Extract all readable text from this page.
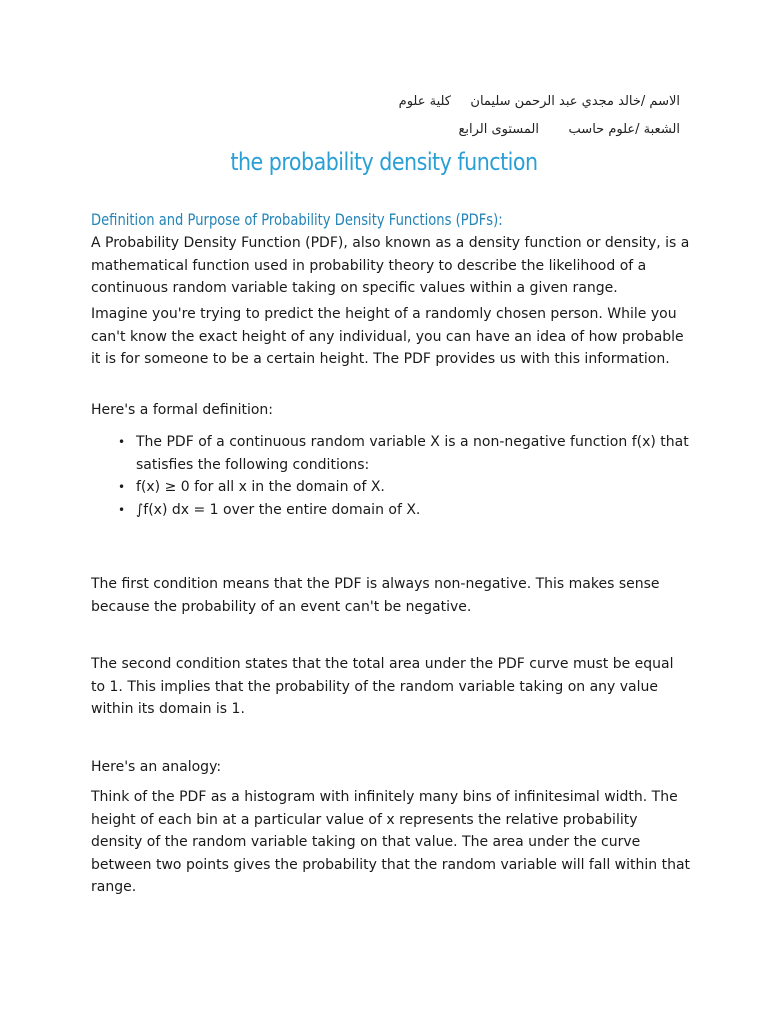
الاسم /خالد مجدي عبد الرحمن سليمان
كلية علوم
الشعبة /علوم حاسب
المستوى الرابع
the probability density function
Definition and Purpose of Probability Density Functions (PDFs):

A Probability Density Function (PDF), also known as a density function or density, is a mathematical function used in probability theory to describe the likelihood of a continuous random variable taking on specific values within a given range.

Imagine you're trying to predict the height of a randomly chosen person. While you can't know the exact height of any individual, you can have an idea of how probable it is for someone to be a certain height. The PDF provides us with this information.

Here's a formal definition:

• The PDF of a continuous random variable X is a non-negative function f(x) that satisfies the following conditions:
• f(x) ≥ 0 for all x in the domain of X.
• ∫f(x) dx = 1 over the entire domain of X.

The first condition means that the PDF is always non-negative. This makes sense because the probability of an event can't be negative.

The second condition states that the total area under the PDF curve must be equal to 1. This implies that the probability of the random variable taking on any value within its domain is 1.

Here's an analogy:

Think of the PDF as a histogram with infinitely many bins of infinitesimal width. The height of each bin at a particular value of x represents the relative probability density of the random variable taking on that value. The area under the curve between two points gives the probability that the random variable will fall within that range.
